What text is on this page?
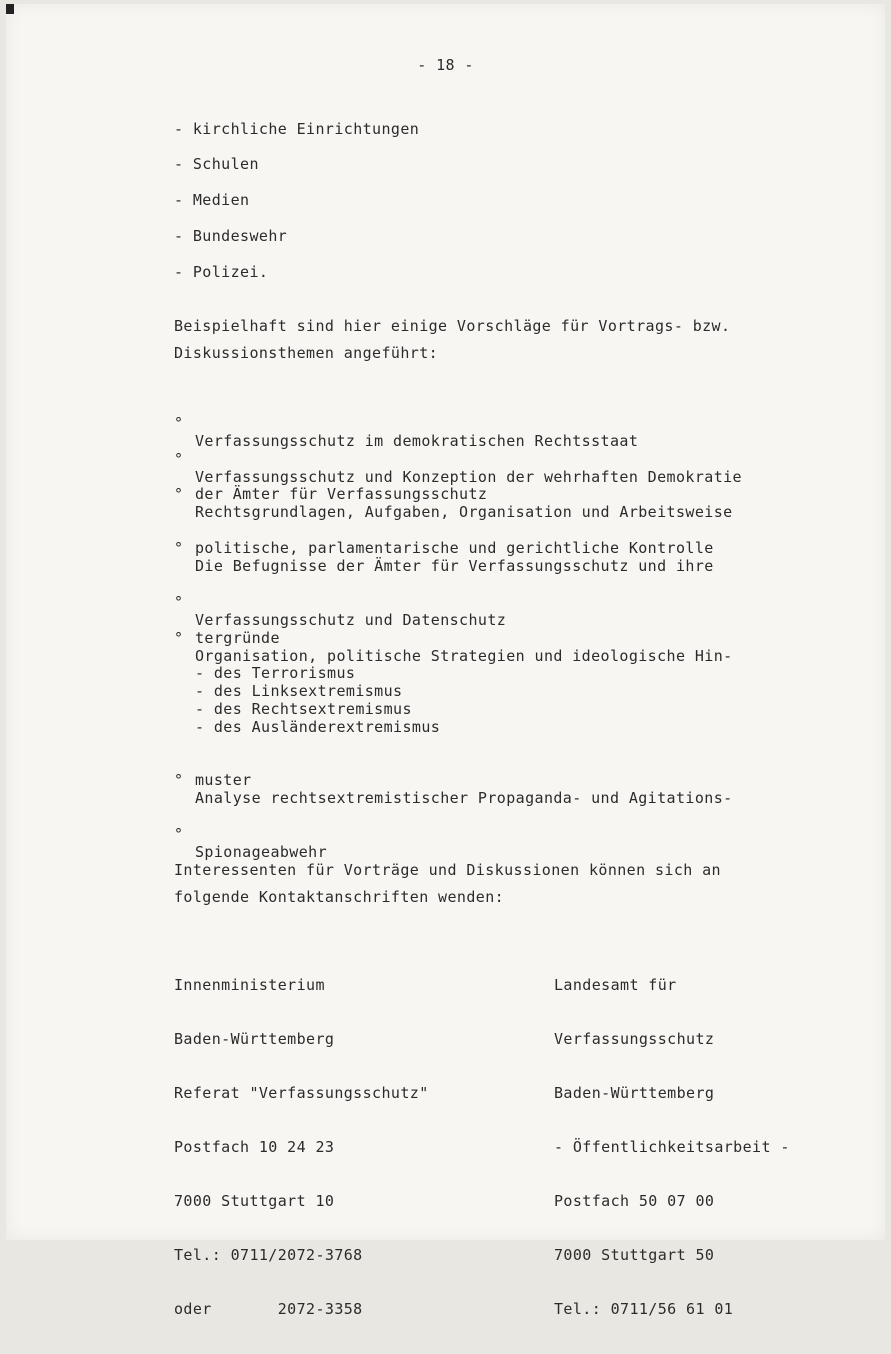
- 18 -
- kirchliche Einrichtungen
- Schulen
- Medien
- Bundeswehr
- Polizei.
Beispielhaft sind hier einige Vorschläge für Vortrags- bzw.
Diskussionsthemen angeführt:

°

Verfassungsschutz im demokratischen Rechtsstaat

°

Verfassungsschutz und Konzeption der wehrhaften Demokratie

°

Rechtsgrundlagen, Aufgaben, Organisation und Arbeitsweise

der Ämter für Verfassungsschutz

°

Die Befugnisse der Ämter für Verfassungsschutz und ihre

politische, parlamentarische und gerichtliche Kontrolle

°

Verfassungsschutz und Datenschutz

°

Organisation, politische Strategien und ideologische Hin-

tergründe

- des Terrorismus
- des Linksextremismus
- des Rechtsextremismus
- des Ausländerextremismus

°

Analyse rechtsextremistischer Propaganda- und Agitations-

muster

°

Spionageabwehr

Interessenten für Vorträge und Diskussionen können sich an
folgende Kontaktanschriften wenden:

Innenministerium

Baden-Württemberg

Referat "Verfassungsschutz"

Postfach 10 24 23

7000 Stuttgart 10

Tel.: 0711/2072-3768

oder       2072-3358

Landesamt für

Verfassungsschutz

Baden-Württemberg

- Öffentlichkeitsarbeit -

Postfach 50 07 00

7000 Stuttgart 50

Tel.: 0711/56 61 01
